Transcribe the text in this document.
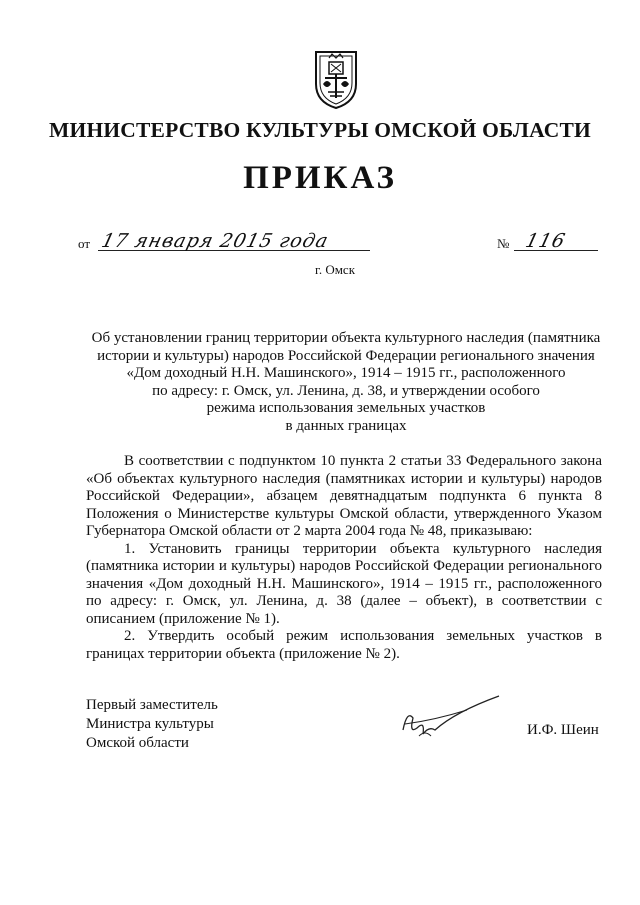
МИНИСТЕРСТВО КУЛЬТУРЫ ОМСКОЙ ОБЛАСТИ
ПРИКАЗ
от 17 января 2015 года	№ 116
г. Омск
Об установлении границ территории объекта культурного наследия (памятника
истории и культуры) народов Российской Федерации регионального значения
«Дом доходный Н.Н. Машинского», 1914 – 1915 гг., расположенного
по адресу: г. Омск, ул. Ленина, д. 38, и утверждении особого
режима использования земельных участков
в данных границах

В соответствии с подпунктом 10 пункта 2 статьи 33 Федерального закона «Об объектах культурного наследия (памятниках истории и культуры) народов Российской Федерации», абзацем девятнадцатым подпункта 6 пункта 8 Положения о Министерстве культуры Омской области, утвержденного Указом Губернатора Омской области от 2 марта 2004 года № 48, приказываю:

1. Установить границы территории объекта культурного наследия (памятника истории и культуры) народов Российской Федерации регионального значения «Дом доходный Н.Н. Машинского», 1914 – 1915 гг., расположенного по адресу: г. Омск, ул. Ленина, д. 38 (далее – объект), в соответствии с описанием (приложение № 1).

2. Утвердить особый режим использования земельных участков в границах территории объекта (приложение № 2).

Первый заместитель
Министра культуры
Омской области
И.Ф. Шеин
